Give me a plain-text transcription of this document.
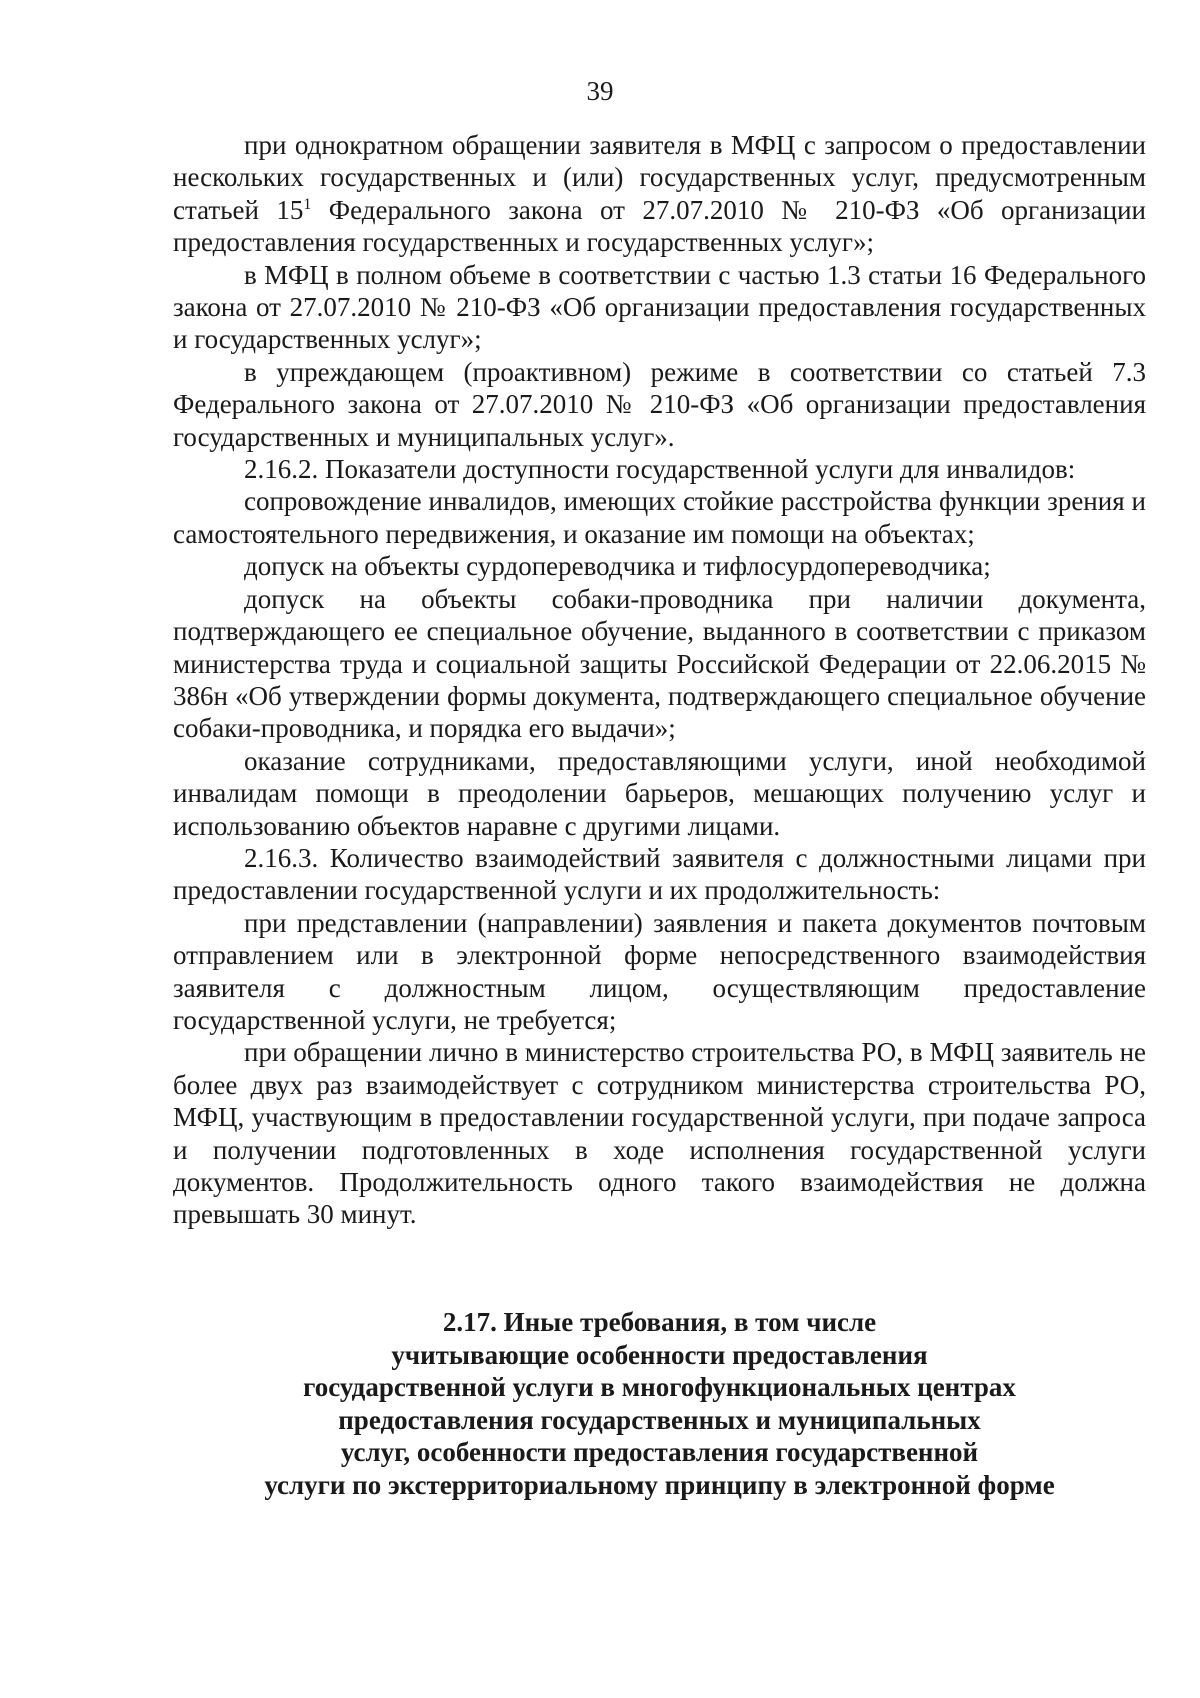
39

при однократном обращении заявителя в МФЦ с запросом о предоставлении нескольких государственных и (или) государственных услуг, предусмотренным статьей $15^1$ Федерального закона от 27.07.2010 № 210-ФЗ «Об организации предоставления государственных и государственных услуг»;

в МФЦ в полном объеме в соответствии с частью 1.3 статьи 16 Федерального закона от 27.07.2010 № 210-ФЗ «Об организации предоставления государственных и государственных услуг»;

в упреждающем (проактивном) режиме в соответствии со статьей 7.3 Федерального закона от 27.07.2010 № 210-ФЗ «Об организации предоставления государственных и муниципальных услуг».

2.16.2. Показатели доступности государственной услуги для инвалидов:

сопровождение инвалидов, имеющих стойкие расстройства функции зрения и самостоятельного передвижения, и оказание им помощи на объектах;

допуск на объекты сурдопереводчика и тифлосурдопереводчика;

допуск на объекты собаки-проводника при наличии документа, подтверждающего ее специальное обучение, выданного в соответствии с приказом министерства труда и социальной защиты Российской Федерации от 22.06.2015 № 386н «Об утверждении формы документа, подтверждающего специальное обучение собаки-проводника, и порядка его выдачи»;

оказание сотрудниками, предоставляющими услуги, иной необходимой инвалидам помощи в преодолении барьеров, мешающих получению услуг и использованию объектов наравне с другими лицами.

2.16.3. Количество взаимодействий заявителя с должностными лицами при предоставлении государственной услуги и их продолжительность:

при представлении (направлении) заявления и пакета документов почтовым отправлением или в электронной форме непосредственного взаимодействия заявителя с должностным лицом, осуществляющим предоставление государственной услуги, не требуется;

при обращении лично в министерство строительства РО, в МФЦ заявитель не более двух раз взаимодействует с сотрудником министерства строительства РО, МФЦ, участвующим в предоставлении государственной услуги, при подаче запроса и получении подготовленных в ходе исполнения государственной услуги документов. Продолжительность одного такого взаимодействия не должна превышать 30 минут.

2.17. Иные требования, в том числе
учитывающие особенности предоставления
государственной услуги в многофункциональных центрах
предоставления государственных и муниципальных
услуг, особенности предоставления государственной
услуги по экстерриториальному принципу в электронной форме
